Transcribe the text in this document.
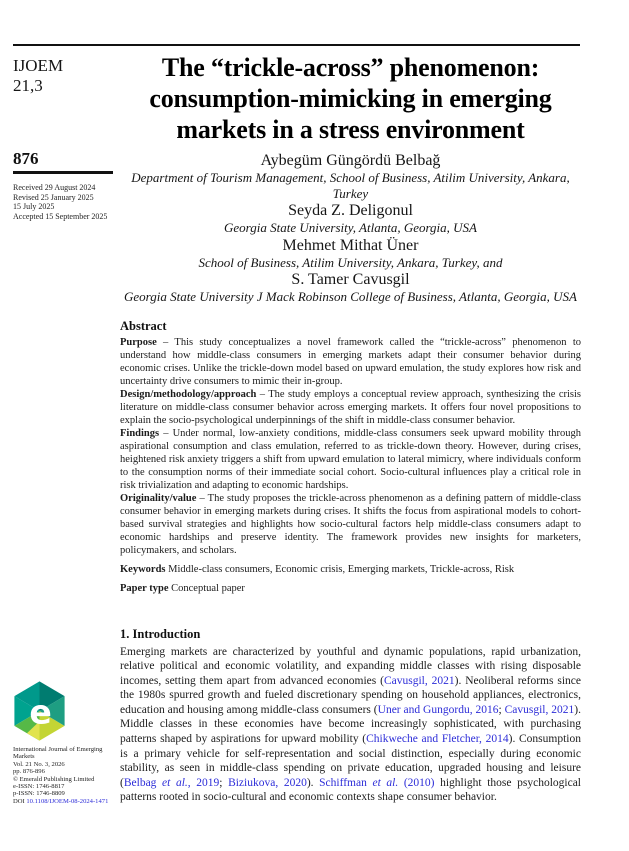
IJOEM
21,3
876
Received 29 August 2024
Revised 25 January 2025
15 July 2025
Accepted 15 September 2025
e
International Journal of Emerging Markets
Vol. 21 No. 3, 2026
pp. 876-896
© Emerald Publishing Limited
e-ISSN: 1746-8817
p-ISSN: 1746-8809
DOI 10.1108/IJOEM-08-2024-1471
The “trickle-across” phenomenon:
consumption-mimicking in emerging
markets in a stress environment
Aybegüm Güngördü Belbağ
Department of Tourism Management, School of Business, Atilim University, Ankara, Turkey
Seyda Z. Deligonul
Georgia State University, Atlanta, Georgia, USA
Mehmet Mithat Üner
School of Business, Atilim University, Ankara, Turkey, and
S. Tamer Cavusgil
Georgia State University J Mack Robinson College of Business, Atlanta, Georgia, USA
Abstract

Purpose – This study conceptualizes a novel framework called the “trickle-across” phenomenon to understand how middle-class consumers in emerging markets adapt their consumer behavior during economic crises. Unlike the trickle-down model based on upward emulation, the study explores how risk and uncertainty drive consumers to mimic their in-group.

Design/methodology/approach – The study employs a conceptual review approach, synthesizing the crisis literature on middle-class consumer behavior across emerging markets. It offers four novel propositions to explain the socio-psychological underpinnings of the shift in middle-class consumer behavior.

Findings – Under normal, low-anxiety conditions, middle-class consumers seek upward mobility through aspirational consumption and class emulation, referred to as trickle-down theory. However, during crises, heightened risk anxiety triggers a shift from upward emulation to lateral mimicry, where individuals conform to the consumption norms of their immediate social cohort. Socio-cultural influences play a critical role in risk trivialization and adapting to economic hardships.

Originality/value – The study proposes the trickle-across phenomenon as a defining pattern of middle-class consumer behavior in emerging markets during crises. It shifts the focus from aspirational models to cohort-based survival strategies and highlights how socio-cultural factors help middle-class consumers adapt to economic hardships and preserve identity. The framework provides new insights for marketers, policymakers, and scholars.

Keywords Middle-class consumers, Economic crisis, Emerging markets, Trickle-across, Risk

Paper type Conceptual paper

1. Introduction

Emerging markets are characterized by youthful and dynamic populations, rapid urbanization, relative political and economic volatility, and expanding middle classes with rising disposable incomes, setting them apart from advanced economies (Cavusgil, 2021). Neoliberal reforms since the 1980s spurred growth and fueled discretionary spending on household appliances, electronics, education and housing among middle-class consumers (Uner and Gungordu, 2016; Cavusgil, 2021). Middle classes in these economies have become increasingly sophisticated, with purchasing patterns shaped by aspirations for upward mobility (Chikweche and Fletcher, 2014). Consumption is a primary vehicle for self-representation and social distinction, especially during economic stability, as seen in middle-class spending on private education, upgraded housing and leisure (Belbag et al., 2019; Biziukova, 2020). Schiffman et al. (2010) highlight those psychological patterns rooted in socio-cultural and economic contexts shape consumer behavior.
